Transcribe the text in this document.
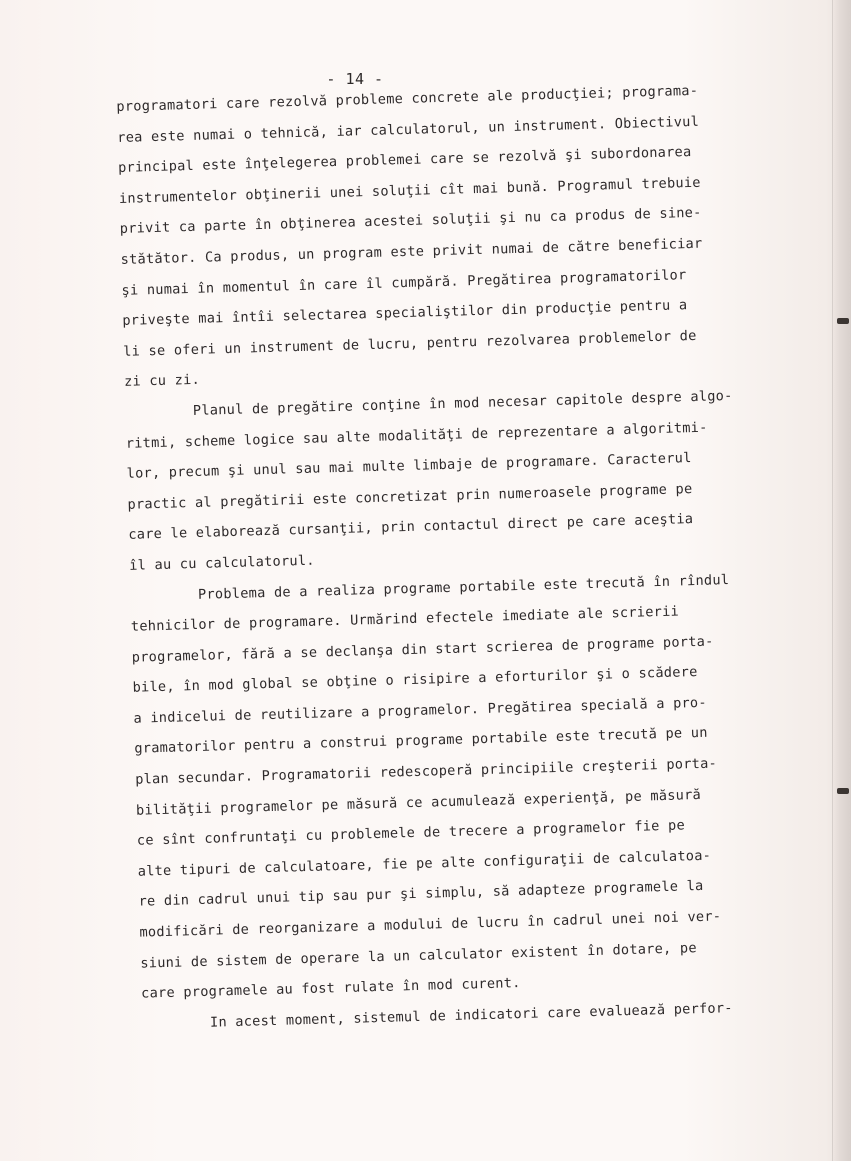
- 14 -
programatori care rezolvă probleme concrete ale producţiei; programa-
rea este numai o tehnică, iar calculatorul, un instrument. Obiectivul
principal este înţelegerea problemei care se rezolvă şi subordonarea
instrumentelor obţinerii unei soluţii cît mai bună. Programul trebuie
privit ca parte în obţinerea acestei soluţii şi nu ca produs de sine-
stătător. Ca produs, un program este privit numai de către beneficiar
şi numai în momentul în care îl cumpără. Pregătirea programatorilor
priveşte mai întîi selectarea specialiştilor din producţie pentru a
li se oferi un instrument de lucru, pentru rezolvarea problemelor de
zi cu zi.
Planul de pregătire conţine în mod necesar capitole despre algo-
ritmi, scheme logice sau alte modalităţi de reprezentare a algoritmi-
lor, precum şi unul sau mai multe limbaje de programare. Caracterul
practic al pregătirii este concretizat prin numeroasele programe pe
care le elaborează cursanţii, prin contactul direct pe care aceştia
îl au cu calculatorul.
Problema de a realiza programe portabile este trecută în rîndul
tehnicilor de programare. Urmărind efectele imediate ale scrierii
programelor, fără a se declanşa din start scrierea de programe porta-
bile, în mod global se obţine o risipire a eforturilor şi o scădere
a indicelui de reutilizare a programelor. Pregătirea specială a pro-
gramatorilor pentru a construi programe portabile este trecută pe un
plan secundar. Programatorii redescoperă principiile creşterii porta-
bilităţii programelor pe măsură ce acumulează experienţă, pe măsură
ce sînt confruntaţi cu problemele de trecere a programelor fie pe
alte tipuri de calculatoare, fie pe alte configuraţii de calculatoa-
re din cadrul unui tip sau pur şi simplu, să adapteze programele la
modificări de reorganizare a modului de lucru în cadrul unei noi ver-
siuni de sistem de operare la un calculator existent în dotare, pe
care programele au fost rulate în mod curent.
In acest moment, sistemul de indicatori care evaluează perfor-
